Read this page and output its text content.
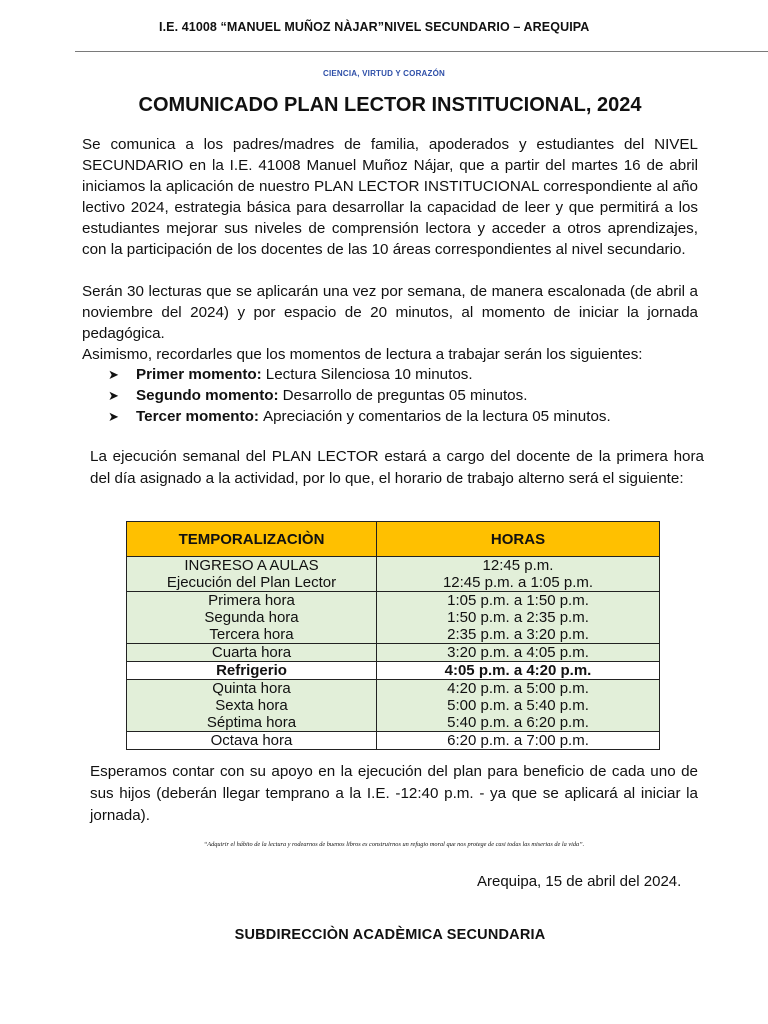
I.E. 41008 “MANUEL MUÑOZ NÀJAR”NIVEL SECUNDARIO – AREQUIPA
CIENCIA, VIRTUD Y CORAZÓN
COMUNICADO PLAN LECTOR INSTITUCIONAL, 2024
Se comunica a los padres/madres de familia, apoderados y estudiantes del NIVEL SECUNDARIO en la I.E. 41008 Manuel Muñoz Nájar, que a partir del martes 16 de abril iniciamos la aplicación de nuestro PLAN LECTOR INSTITUCIONAL correspondiente al año lectivo 2024, estrategia básica para desarrollar la capacidad de leer y que permitirá a los estudiantes mejorar sus niveles de comprensión lectora y acceder a otros aprendizajes, con la participación de los docentes de las 10 áreas correspondientes al nivel secundario.
Serán 30 lecturas que se aplicarán una vez por semana, de manera escalonada (de abril a noviembre del 2024) y por espacio de 20 minutos, al momento de iniciar la jornada pedagógica.
Asimismo, recordarles que los momentos de lectura a trabajar serán los siguientes:
➤	Primer momento: Lectura Silenciosa 10 minutos.
➤	Segundo momento: Desarrollo de preguntas 05 minutos.
➤	Tercer momento: Apreciación y comentarios de la lectura 05 minutos.
La ejecución semanal del PLAN LECTOR estará a cargo del docente de la primera hora del día asignado a la actividad, por lo que, el horario de trabajo alterno será el siguiente:
TEMPORALIZACIÒN	HORAS
INGRESO A AULAS	12:45 p.m.
Ejecución del Plan Lector	12:45 p.m. a 1:05 p.m.
Primera hora	1:05 p.m. a 1:50 p.m.
Segunda hora	1:50 p.m. a 2:35 p.m.
Tercera hora	2:35 p.m. a 3:20 p.m.
Cuarta hora	3:20 p.m. a 4:05 p.m.
Refrigerio	4:05 p.m. a 4:20 p.m.
Quinta hora	4:20 p.m. a 5:00 p.m.
Sexta hora	5:00 p.m. a 5:40 p.m.
Séptima hora	5:40 p.m. a 6:20 p.m.
Octava hora	6:20 p.m. a 7:00 p.m.
Esperamos contar con su apoyo en la ejecución del plan para beneficio de cada uno de sus hijos (deberán llegar temprano a la I.E. -12:40 p.m. - ya que se aplicará al iniciar la jornada).
“Adquirir el hábito de la lectura y rodearnos de buenos libros es construirnos un refugio moral que nos protege de casi todas las miserias de la vida”.
Arequipa, 15 de abril del 2024.
SUBDIRECCIÒN ACADÈMICA SECUNDARIA
